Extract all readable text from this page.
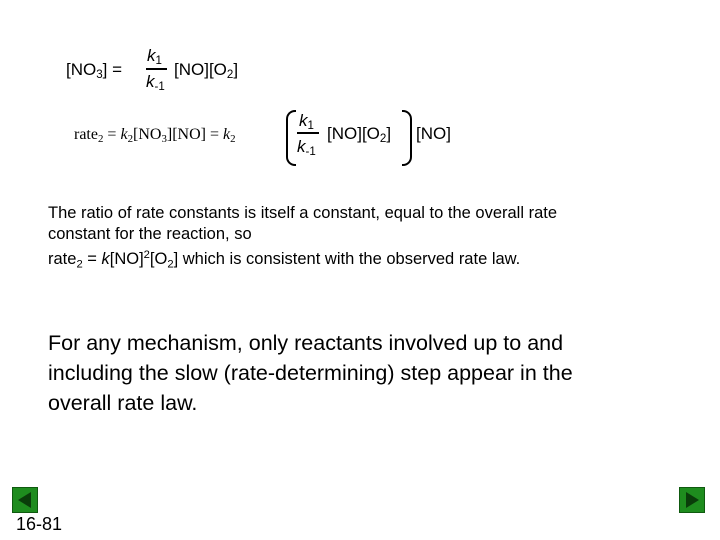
$[NO_3]$ =
$k_1$
$k_{-1}$
$[NO][O_2]$
rate$_2$ = $k_2[NO_3][NO] = k_2$
$k_1$
$k_{-1}$
$[NO][O_2]$ [NO]
The ratio of rate constants is itself a constant, equal to the overall rate
constant for the reaction, so
rate$_2$ = $k[NO]^2[O_2]$ which is consistent with the observed rate law.
For any mechanism, only reactants involved up to and
including the slow (rate-determining) step appear in the
overall rate law.
16-81
